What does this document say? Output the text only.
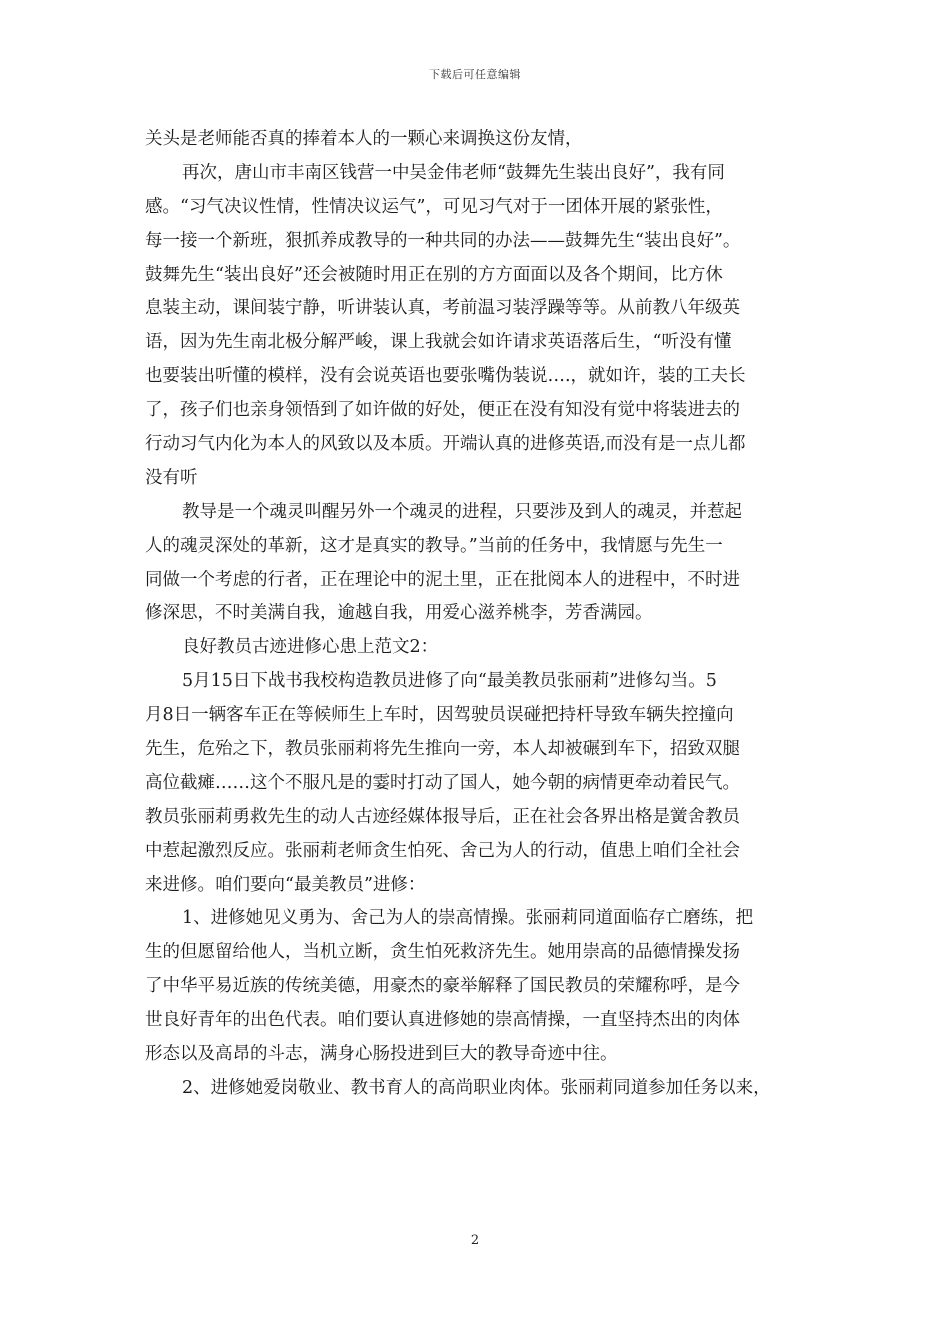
下载后可任意编辑
关头是老师能否真的捧着本人的一颗心来调换这份友情，
再次，唐山市丰南区钱营一中吴金伟老师“鼓舞先生装出良好”，我有同
感。“习气决议性情，性情决议运气”，可见习气对于一团体开展的紧张性，
每一接一个新班，狠抓养成教导的一种共同的办法——鼓舞先生“装出良好”。
鼓舞先生“装出良好”还会被随时用正在别的方方面面以及各个期间，比方休
息装主动，课间装宁静，听讲装认真，考前温习装浮躁等等。从前教八年级英
语，因为先生南北极分解严峻，课上我就会如许请求英语落后生，“听没有懂
也要装出听懂的模样，没有会说英语也要张嘴伪装说….，就如许，装的工夫长
了，孩子们也亲身领悟到了如许做的好处，便正在没有知没有觉中将装进去的
行动习气内化为本人的风致以及本质。开端认真的进修英语,而没有是一点儿都
没有听
教导是一个魂灵叫醒另外一个魂灵的进程，只要涉及到人的魂灵，并惹起
人的魂灵深处的革新，这才是真实的教导。”当前的任务中，我情愿与先生一
同做一个考虑的行者，正在理论中的泥土里，正在批阅本人的进程中，不时进
修深思，不时美满自我，逾越自我，用爱心滋养桃李，芳香满园。
良好教员古迹进修心患上范文2：
5月15日下战书我校构造教员进修了向“最美教员张丽莉”进修勾当。5
月8日一辆客车正在等候师生上车时，因驾驶员误碰把持杆导致车辆失控撞向
先生，危殆之下，教员张丽莉将先生推向一旁，本人却被碾到车下，招致双腿
高位截瘫……这个不服凡是的霎时打动了国人，她今朝的病情更牵动着民气。
教员张丽莉勇救先生的动人古迹经媒体报导后，正在社会各界出格是黉舍教员
中惹起激烈反应。张丽莉老师贪生怕死、舍己为人的行动，值患上咱们全社会
来进修。咱们要向“最美教员”进修：
1、进修她见义勇为、舍己为人的崇高情操。张丽莉同道面临存亡磨练，把
生的但愿留给他人，当机立断，贪生怕死救济先生。她用崇高的品德情操发扬
了中华平易近族的传统美德，用豪杰的豪举解释了国民教员的荣耀称呼，是今
世良好青年的出色代表。咱们要认真进修她的崇高情操，一直坚持杰出的肉体
形态以及高昂的斗志，满身心肠投进到巨大的教导奇迹中往。
2、进修她爱岗敬业、教书育人的高尚职业肉体。张丽莉同道参加任务以来，
2
